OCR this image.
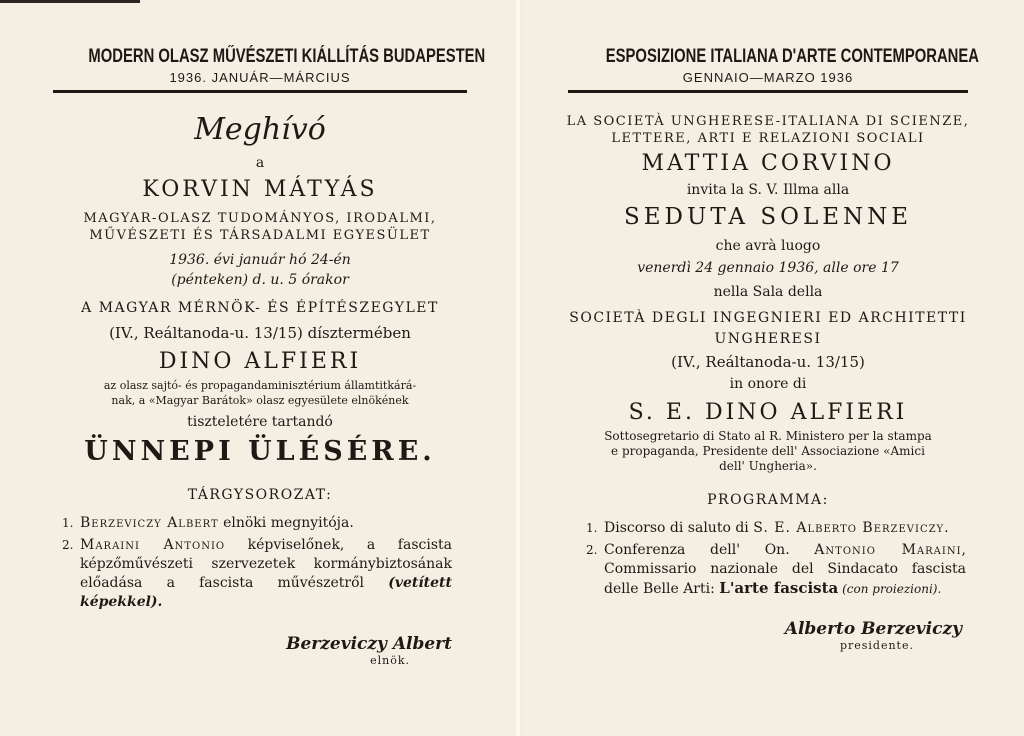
MODERN OLASZ MŰVÉSZETI KIÁLLÍTÁS BUDAPESTEN
1936. JANUÁR—MÁRCIUS
Meghívó
a
KORVIN MÁTYÁS
MAGYAR-OLASZ TUDOMÁNYOS, IRODALMI,
MŰVÉSZETI ÉS TÁRSADALMI EGYESÜLET
1936. évi január hó 24-én
(pénteken) d. u. 5 órakor
A MAGYAR MÉRNÖK- ÉS ÉPÍTÉSZEGYLET
(IV., Reáltanoda-u. 13/15) dísztermében
DINO ALFIERI
az olasz sajtó- és propagandaminisztérium államtitkárá-
nak, a «Magyar Barátok» olasz egyesülete elnökének
tiszteletére tartandó
ÜNNEPI ÜLÉSÉRE.
TÁRGYSOROZAT:
1. Berzeviczy Albert elnöki megnyitója.
2. Maraini Antonio képviselőnek, a fascista képzőművészeti szervezetek kormánybiztosának előadása a fascista művészetről (vetített képekkel).
Berzeviczy Albert
elnök.
ESPOSIZIONE ITALIANA D'ARTE CONTEMPORANEA
GENNAIO—MARZO 1936
LA SOCIETÀ UNGHERESE-ITALIANA DI SCIENZE,
LETTERE, ARTI E RELAZIONI SOCIALI
MATTIA CORVINO
invita la S. V. Illma alla
SEDUTA SOLENNE
che avrà luogo
venerdì 24 gennaio 1936, alle ore 17
nella Sala della
SOCIETÀ DEGLI INGEGNIERI ED ARCHITETTI
UNGHERESI
(IV., Reáltanoda-u. 13/15)
in onore di
S. E. DINO ALFIERI
Sottosegretario di Stato al R. Ministero per la stampa
e propaganda, Presidente dell' Associazione «Amici
dell' Ungheria».
PROGRAMMA:
1. Discorso di saluto di S. E. Alberto Berzeviczy.
2. Conferenza dell' On. Antonio Maraini, Commissario nazionale del Sindacato fascista delle Belle Arti: L'arte fascista (con proiezioni).
Alberto Berzeviczy
presidente.
